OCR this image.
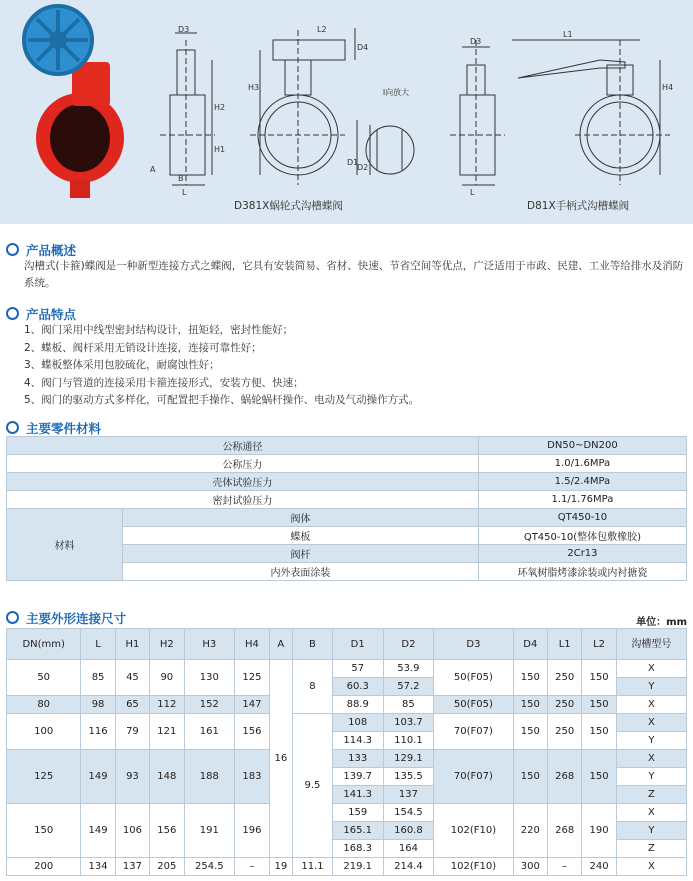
D3
H2
H1
A
B
L
L2
D4
H3
D1
D2
D3
L
L1
H4
I向放大
D381X蜗轮式沟槽蝶阀	D81X手柄式沟槽蝶阀
产品概述
沟槽式(卡箍)蝶阀是一种新型连接方式之蝶阀，它具有安装简易、省材、快速、节省空间等优点，广泛适用于市政、民建、工业等给排水及消防系统。
产品特点
1、阀门采用中线型密封结构设计，扭矩轻，密封性能好；
2、蝶板、阀杆采用无销设计连接，连接可靠性好；
3、蝶板整体采用包胶硫化，耐腐蚀性好；
4、阀门与管道的连接采用卡箍连接形式，安装方便、快速；
5、阀门的驱动方式多样化，可配置把手操作、蜗轮蜗杆操作、电动及气动操作方式。
主要零件材料
公称通径		DN50~DN200
公称压力		1.0/1.6MPa
壳体试验压力		1.5/2.4MPa
密封试验压力		1.1/1.76MPa
材料	阀体	QT450-10
	蝶板	QT450-10(整体包敷橡胶)
	阀杆	2Cr13
	内外表面涂装	环氧树脂烤漆涂装或内衬搪瓷
主要外形连接尺寸	单位：mm
DN(mm)	L	H1	H2	H3	H4	A	B	D1	D2	D3	D4	L1	L2	沟槽型号
50	85	45	90	130	125	16	8	57	53.9	50(F05)	150	250	150	X
								60.3	57.2					Y
80	98	65	112	152	147			88.9	85	50(F05)	150	250	150	X
100	116	79	121	161	156		9.5	108	103.7	70(F07)	150	250	150	X
								114.3	110.1					Y
125	149	93	148	188	183			133	129.1	70(F07)	150	268	150	X
								139.7	135.5					Y
								141.3	137					Z
150	149	106	156	191	196			159	154.5	102(F10)	220	268	190	X
								165.1	160.8					Y
								168.3	164					Z
200	134	137	205	254.5	–	19	11.1	219.1	214.4	102(F10)	300	–	240	X
